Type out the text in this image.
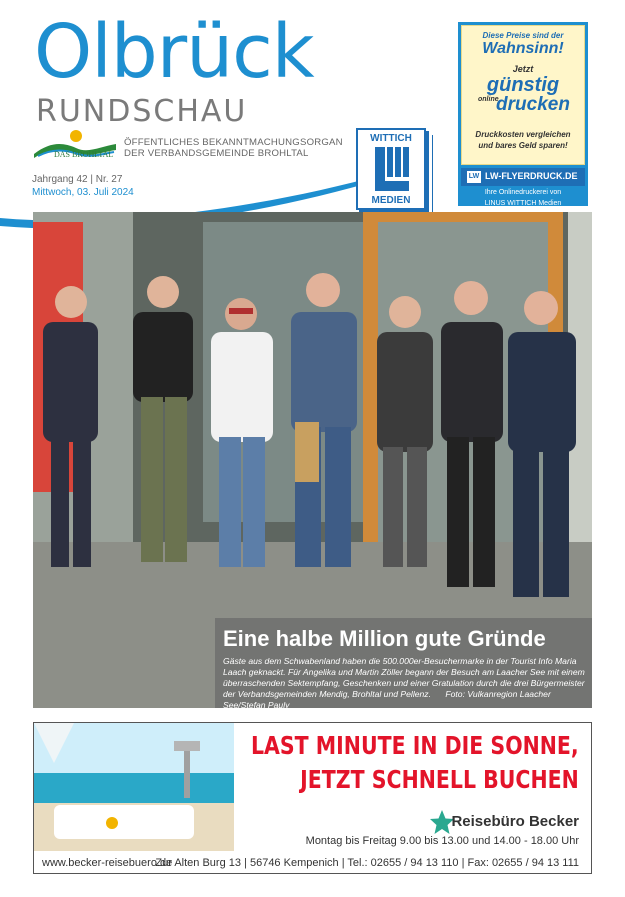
Olbrück
RUNDSCHAU
DAS BROHLTAL
ÖFFENTLICHES BEKANNTMACHUNGSORGAN
DER VERBANDSGEMEINDE BROHLTAL
Jahrgang 42 | Nr. 27
Mittwoch, 03. Juli 2024
WITTICH
MEDIEN
Diese Preise sind der
Wahnsinn!
Jetzt
günstig
online
drucken
Druckkosten vergleichen
und bares Geld sparen!
LW LW-FLYERDRUCK.DE
Ihre Onlinedruckerei von
LINUS WITTICH Medien
Eine halbe Million gute Gründe
Gäste aus dem Schwabenland haben die 500.000er-Besuchermarke in der Tourist Info Maria Laach geknackt. Für Angelika und Martin Zöller begann der Besuch am Laacher See mit einem überraschenden Sektempfang, Geschenken und einer Gratulation durch die drei Bürgermeister der Verbandsgemeinden Mendig, Brohltal und Pellenz. Foto: Vulkanregion Laacher See/Stefan Pauly
LAST MINUTE IN DIE SONNE,
JETZT SCHNELL BUCHEN
Reisebüro Becker
Montag bis Freitag 9.00 bis 13.00 und 14.00 - 18.00 Uhr
www.becker-reisebuero.de
Zur Alten Burg 13 | 56746 Kempenich | Tel.: 02655 / 94 13 110 | Fax: 02655 / 94 13 111
